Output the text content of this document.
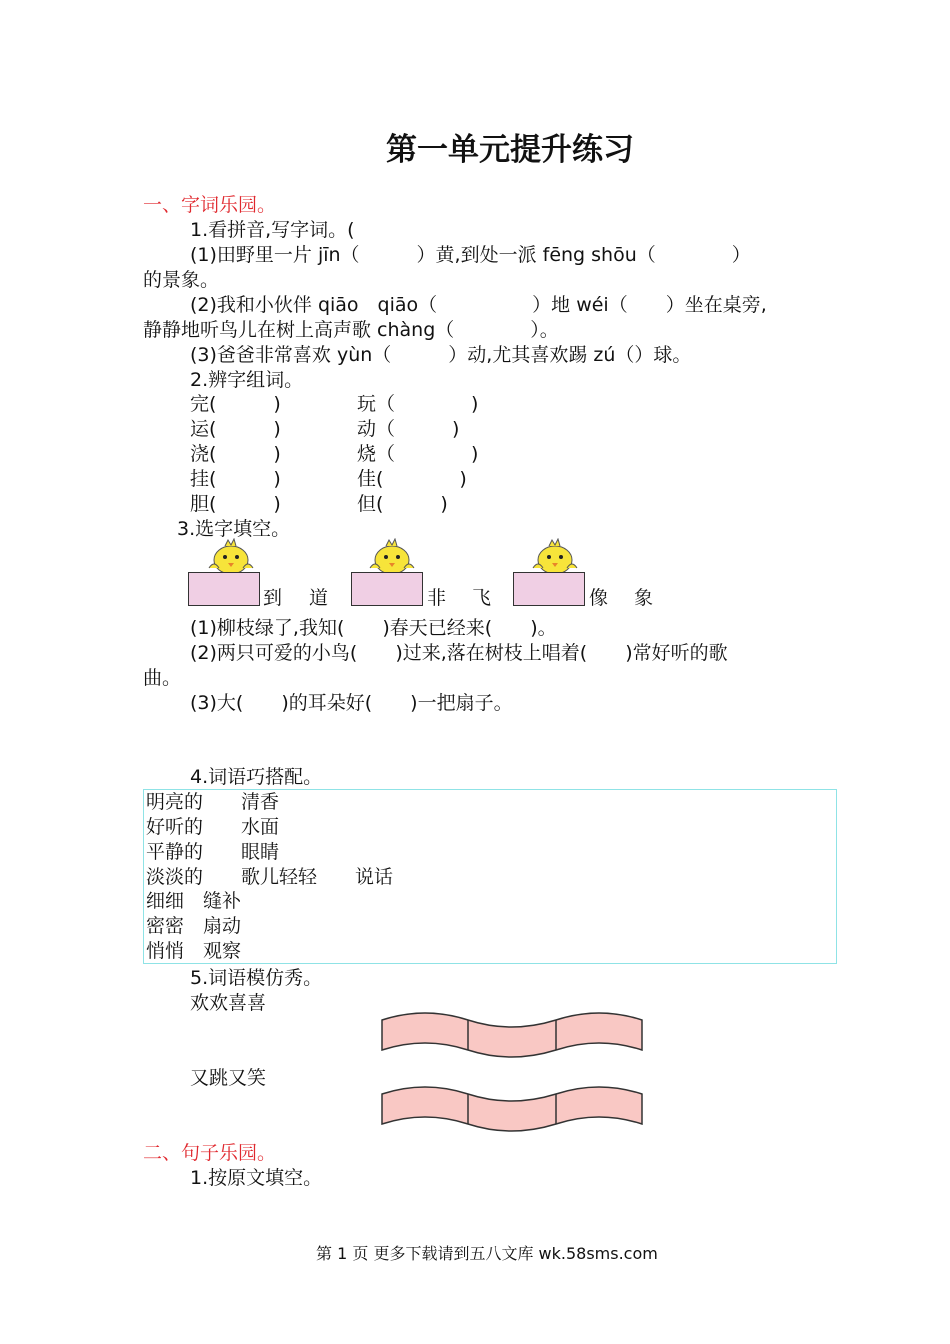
第一单元提升练习
一、字词乐园。
1.看拼音,写字词。(
(1)田野里一片 jīn（　　　）黄,到处一派 fēng shōu（　　　　）
的景象。
(2)我和小伙伴 qiāo　qiāo（　　　　　）地 wéi（　　）坐在桌旁,
静静地听鸟儿在树上高声歌 chàng（　　　　）。
(3)爸爸非常喜欢 yùn（　　　）动,尤其喜欢踢 zú（）球。
2.辨字组词。
完(　　　)	玩（　　　　)
运(　　　)	动（　　　)
浇(　　　)	烧（　　　　)
挂(　　　)	佳(　　　　)
胆(　　　)	但(　　　)
3.选字填空。
到 道	非 飞	像 象
(1)柳枝绿了,我知(　　)春天已经来(　　)。
(2)两只可爱的小鸟(　　)过来,落在树枝上唱着(　　)常好听的歌
曲。
(3)大(　　)的耳朵好(　　)一把扇子。
4.词语巧搭配。
明亮的　　清香
好听的　　水面
平静的　　眼睛
淡淡的　　歌儿轻轻　　说话
细细　缝补
密密　扇动
悄悄　观察
5.词语模仿秀。
欢欢喜喜
又跳又笑
二、句子乐园。
1.按原文填空。
第 1 页 更多下载请到五八文库 wk.58sms.com
